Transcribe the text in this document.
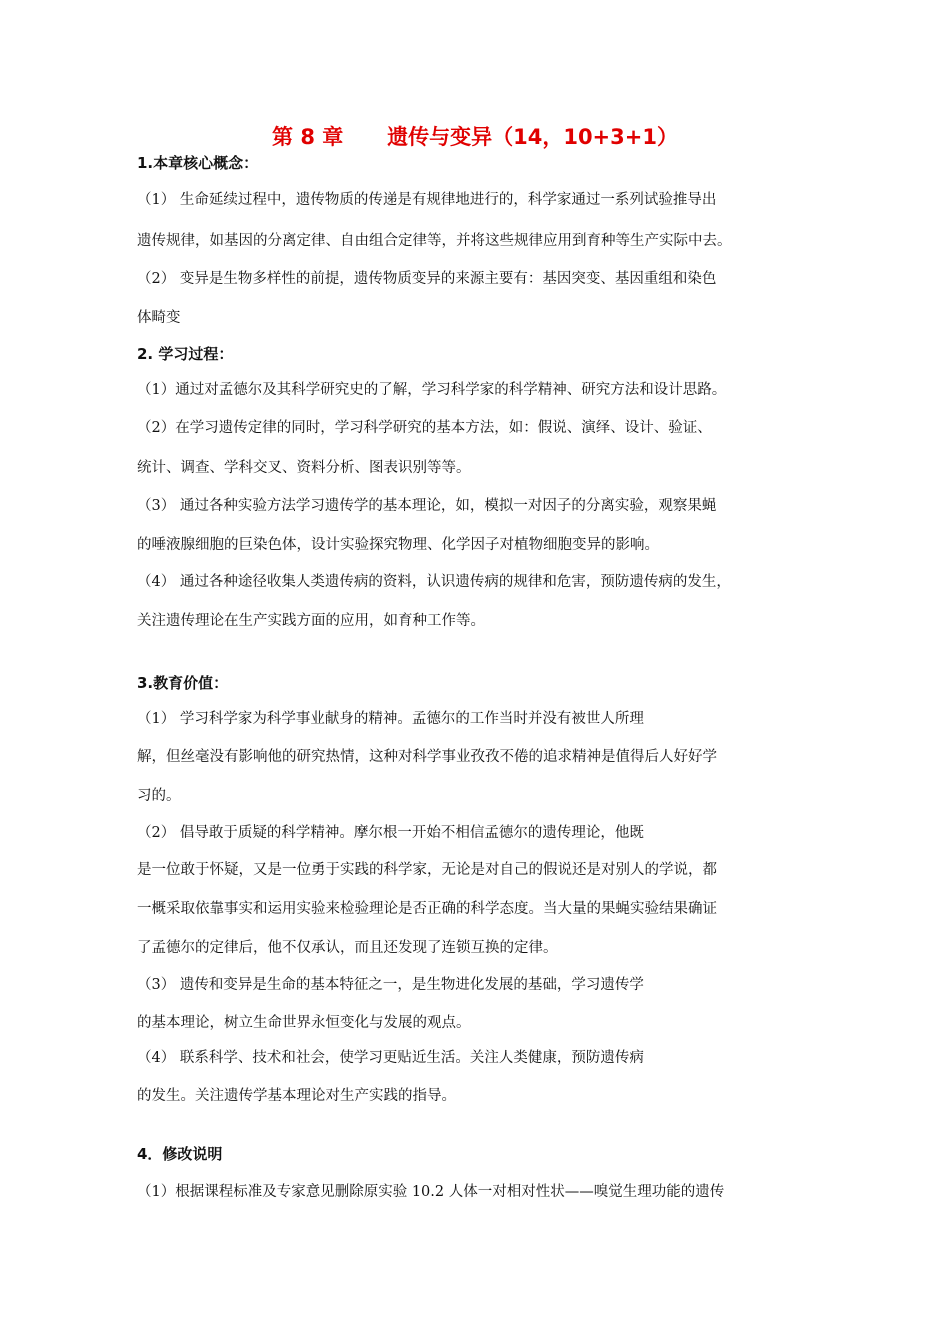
第 8 章      遗传与变异（14，10+3+1）
1.本章核心概念：
（1） 生命延续过程中，遗传物质的传递是有规律地进行的，科学家通过一系列试验推导出
遗传规律，如基因的分离定律、自由组合定律等，并将这些规律应用到育种等生产实际中去。
（2） 变异是生物多样性的前提，遗传物质变异的来源主要有：基因突变、基因重组和染色
体畸变
2. 学习过程：
（1）通过对孟德尔及其科学研究史的了解，学习科学家的科学精神、研究方法和设计思路。
（2）在学习遗传定律的同时，学习科学研究的基本方法，如：假说、演绎、设计、验证、
统计、调查、学科交叉、资料分析、图表识别等等。
（3） 通过各种实验方法学习遗传学的基本理论，如，模拟一对因子的分离实验，观察果蝇
的唾液腺细胞的巨染色体，设计实验探究物理、化学因子对植物细胞变异的影响。
（4） 通过各种途径收集人类遗传病的资料，认识遗传病的规律和危害，预防遗传病的发生，
关注遗传理论在生产实践方面的应用，如育种工作等。
3.教育价值：
（1） 学习科学家为科学事业献身的精神。孟德尔的工作当时并没有被世人所理
解，但丝毫没有影响他的研究热情，这种对科学事业孜孜不倦的追求精神是值得后人好好学
习的。
（2） 倡导敢于质疑的科学精神。摩尔根一开始不相信孟德尔的遗传理论，他既
是一位敢于怀疑，又是一位勇于实践的科学家，无论是对自己的假说还是对别人的学说，都
一概采取依靠事实和运用实验来检验理论是否正确的科学态度。当大量的果蝇实验结果确证
了孟德尔的定律后，他不仅承认，而且还发现了连锁互换的定律。
（3） 遗传和变异是生命的基本特征之一，是生物进化发展的基础，学习遗传学
的基本理论，树立生命世界永恒变化与发展的观点。
（4） 联系科学、技术和社会，使学习更贴近生活。关注人类健康，预防遗传病
的发生。关注遗传学基本理论对生产实践的指导。
4．修改说明
（1）根据课程标准及专家意见删除原实验 10.2 人体一对相对性状——嗅觉生理功能的遗传
